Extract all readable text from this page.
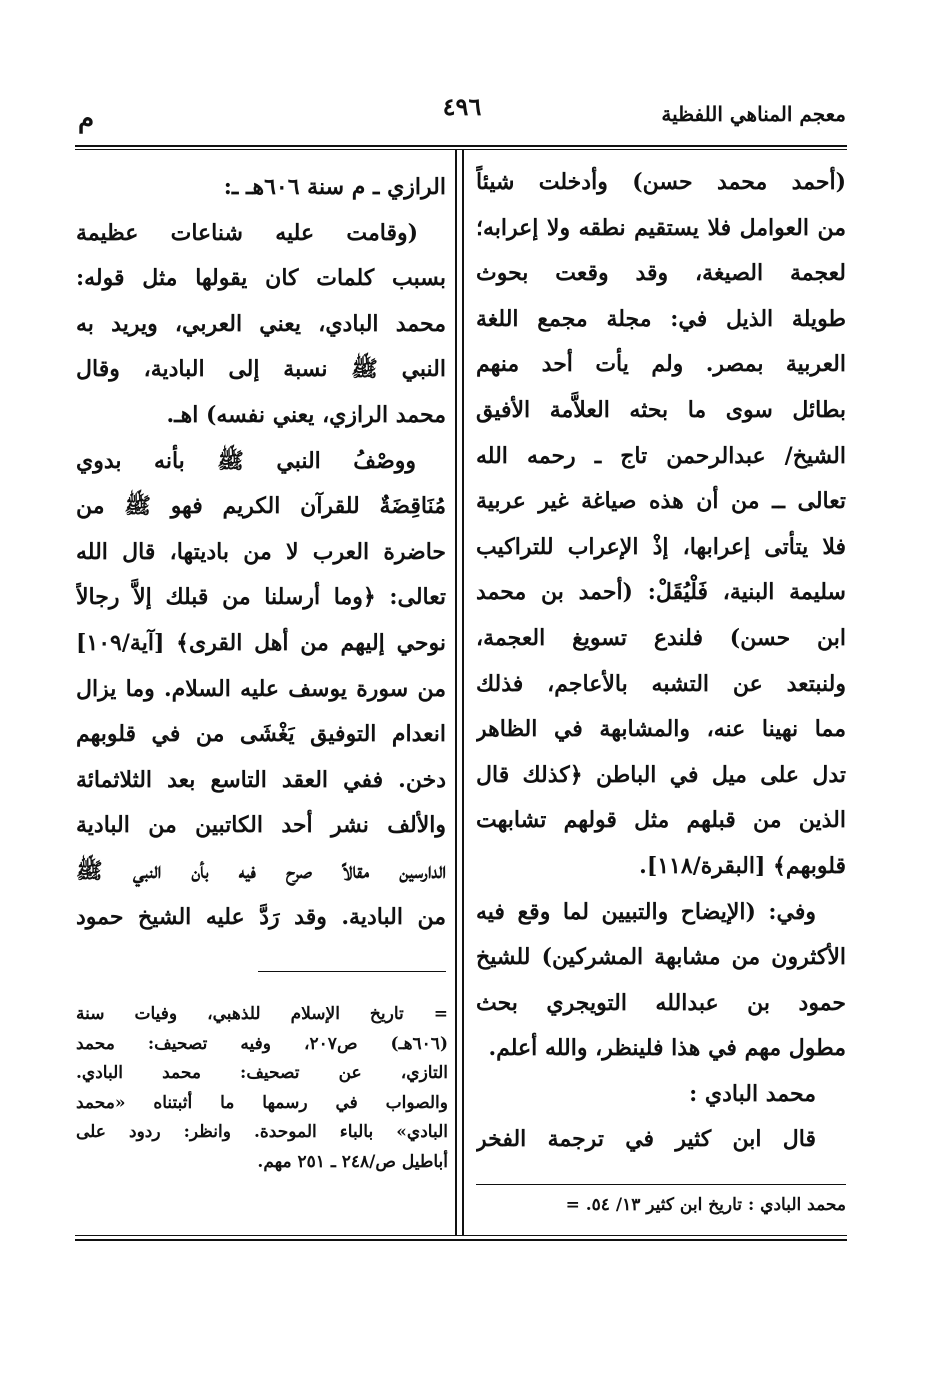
معجم المناهي اللفظية
٤٩٦
م
(أحمد محمد حسن) وأدخلت شيئاً
من العوامل فلا يستقيم نطقه ولا إعرابه؛
لعجمة الصيغة، وقد وقعت بحوث
طويلة الذيل في: مجلة مجمع اللغة
العربية بمصر. ولم يأت أحد منهم
بطائل سوى ما بحثه العلاَّمة الأفيق
الشيخ/ عبدالرحمن تاج ـ رحمه الله
تعالى ــ من أن هذه صياغة غير عربية
فلا يتأتى إعرابها، إذْ الإعراب للتراكيب
سليمة البنية، فَلْيُقَلْ: (أحمد بن محمد
ابن حسن) فلندع تسويغ العجمة،
ولنبتعد عن التشبه بالأعاجم، فذلك
مما نهينا عنه، والمشابهة في الظاهر
تدل على ميل في الباطن ﴿كذلك قال
الذين من قبلهم مثل قولهم تشابهت
قلوبهم﴾ [البقرة/١١٨].
وفي: (الإيضاح والتبيين لما وقع فيه
الأكثرون من مشابهة المشركين) للشيخ
حمود بن عبدالله التويجري بحث
مطول مهم في هذا فلينظر، والله أعلم.
محمد البادي :
قال ابن كثير في ترجمة الفخر
محمد البادي : تاريخ ابن كثير ١٣/ ٥٤. =
الرازي ـ م سنة ٦٠٦هـ ـ:
(وقامت عليه شناعات عظيمة
بسبب كلمات كان يقولها مثل قوله:
محمد البادي، يعني العربي، ويريد به
النبي ﷺ نسبة إلى البادية، وقال
محمد الرازي، يعني نفسه) اهـ.
ووصْفُ النبي ﷺ بأنه بدوي
مُنَاقِضَةٌ للقرآن الكريم فهو ﷺ من
حاضرة العرب لا من باديتها، قال الله
تعالى: ﴿وما أرسلنا من قبلك إلاَّ رجالاً
نوحي إليهم من أهل القرى﴾ [آية/١٠٩]
من سورة يوسف عليه السلام. وما يزال
انعدام التوفيق يَغْشَى من في قلوبهم
دخن. ففي العقد التاسع بعد الثلاثمائة
والألف نشر أحد الكاتبين من البادية
الدارسين مقالاً صرح فيه بأن النبي ﷺ
من البادية. وقد رَدَّ عليه الشيخ حمود
= تاريخ الإسلام للذهبي، وفيات سنة
(٦٠٦هـ) ص٢٠٧، وفيه تصحيف: محمد
التازي، عن تصحيف: محمد البادي.
والصواب في رسمها ما أثبتناه «محمد
البادي» بالباء الموحدة. وانظر: ردود على
أباطيل ص/٢٤٨ ـ ٢٥١ مهم.
